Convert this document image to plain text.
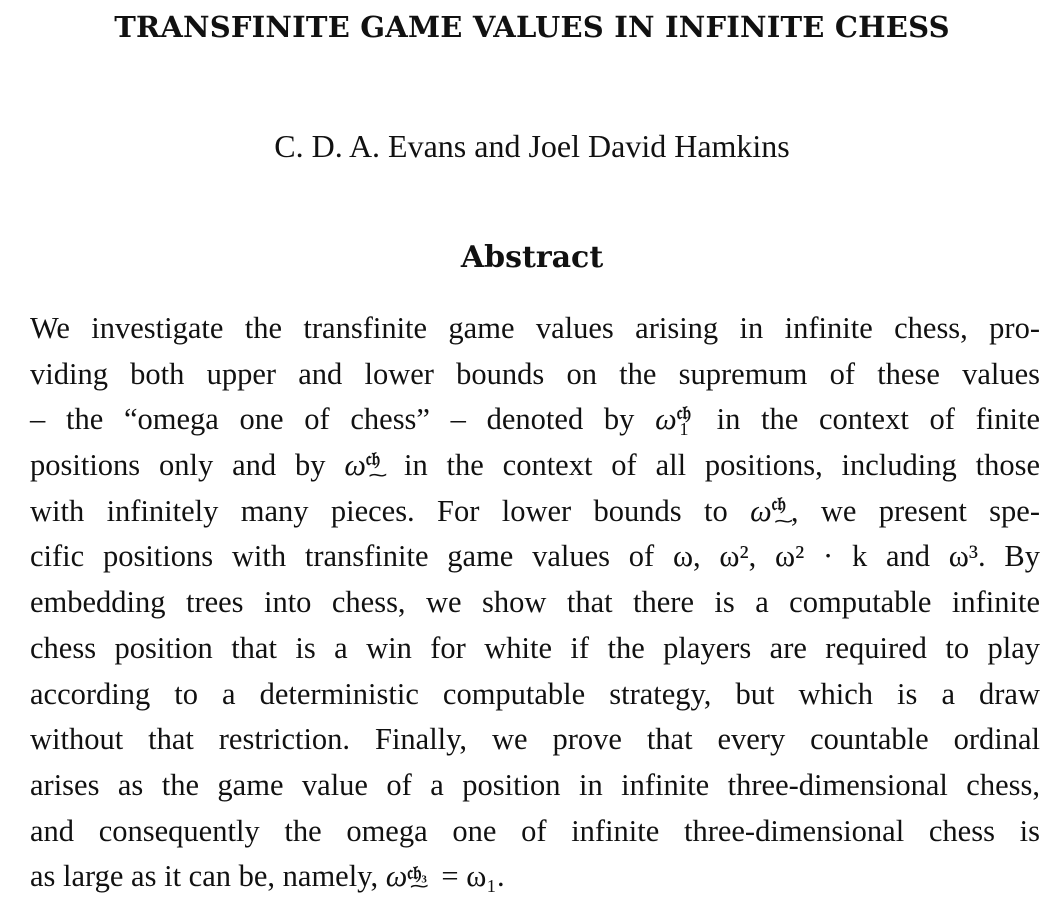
TRANSFINITE GAME VALUES IN INFINITE CHESS
C. D. A. Evans and Joel David Hamkins
Abstract
We investigate the transfinite game values arising in infinite chess, pro-
viding both upper and lower bounds on the supremum of these values
– the “omega one of chess” – denoted by ω 𝔠𝔥
1 in the context of finite
positions only and by ω 𝔠𝔥
⁓
in the context of all positions, including those
with infinitely many pieces. For lower bounds to ω 𝔠𝔥
⁓
, we present spe-
cific positions with transfinite game values of ω, ω², ω² · k and ω³. By
embedding trees into chess, we show that there is a computable infinite
chess position that is a win for white if the players are required to play
according to a deterministic computable strategy, but which is a draw
without that restriction. Finally, we prove that every countable ordinal
arises as the game value of a position in infinite three-dimensional chess,
and consequently the omega one of infinite three-dimensional chess is
as large as it can be, namely, ω 𝔠𝔥₃
⁓ = ω₁.
